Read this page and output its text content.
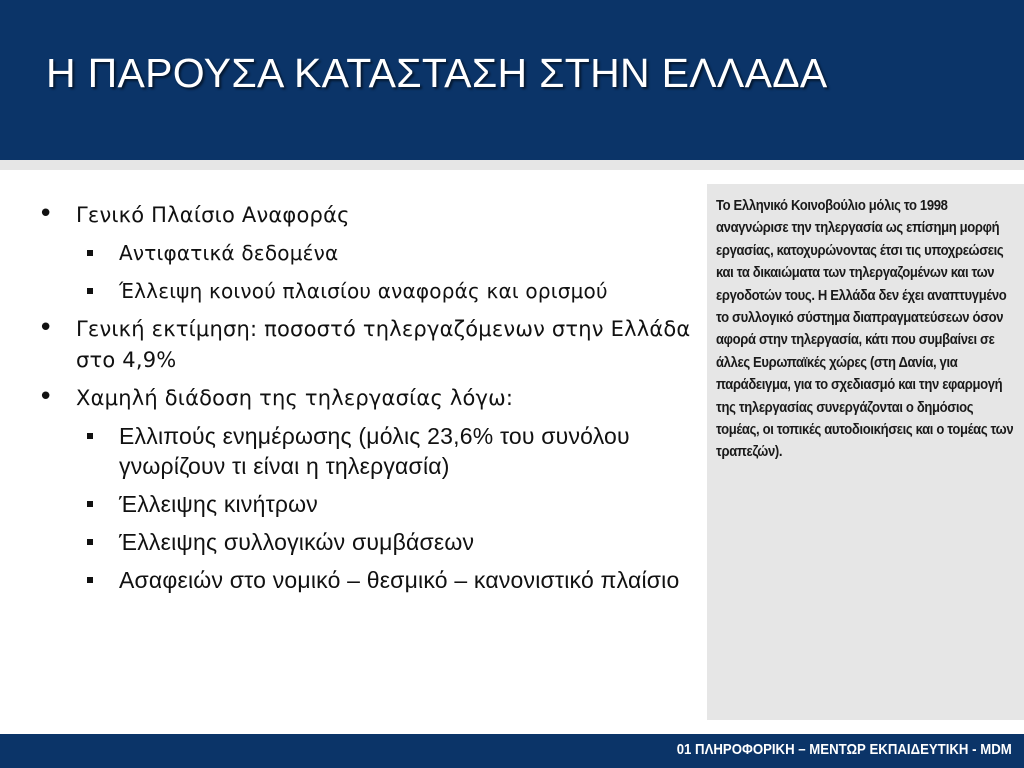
Η ΠΑΡΟΥΣΑ ΚΑΤΑΣΤΑΣΗ ΣΤΗΝ ΕΛΛΑΔΑ
• Γενικό Πλαίσιο Αναφοράς
Αντιφατικά δεδομένα
Έλλειψη κοινού πλαισίου αναφοράς και ορισμού
• Γενική εκτίμηση: ποσοστό τηλεργαζόμενων στην Ελλάδα στο 4,9%
• Χαμηλή διάδοση της τηλεργασίας λόγω:
Ελλιπούς ενημέρωσης (μόλις 23,6% του συνόλου γνωρίζουν τι είναι η τηλεργασία)
Έλλειψης κινήτρων
Έλλειψης συλλογικών συμβάσεων
Ασαφειών στο νομικό – θεσμικό – κανονιστικό πλαίσιο

Το Ελληνικό Κοινοβούλιο μόλις το 1998 αναγνώρισε την τηλεργασία ως επίσημη μορφή εργασίας, κατοχυρώνοντας έτσι τις υποχρεώσεις και τα δικαιώματα των τηλεργαζομένων και των εργοδοτών τους. Η Ελλάδα δεν έχει αναπτυγμένο το συλλογικό σύστημα διαπραγματεύσεων όσον αφορά στην τηλεργασία, κάτι που συμβαίνει σε άλλες Ευρωπαϊκές χώρες (στη Δανία, για παράδειγμα, για το σχεδιασμό και την εφαρμογή της τηλεργασίας συνεργάζονται ο δημόσιος τομέας, οι τοπικές αυτοδιοικήσεις και ο τομέας των τραπεζών).

01 ΠΛΗΡΟΦΟΡΙΚΗ – ΜΕΝΤΩΡ ΕΚΠΑΙΔΕΥΤΙΚΗ - MDM
